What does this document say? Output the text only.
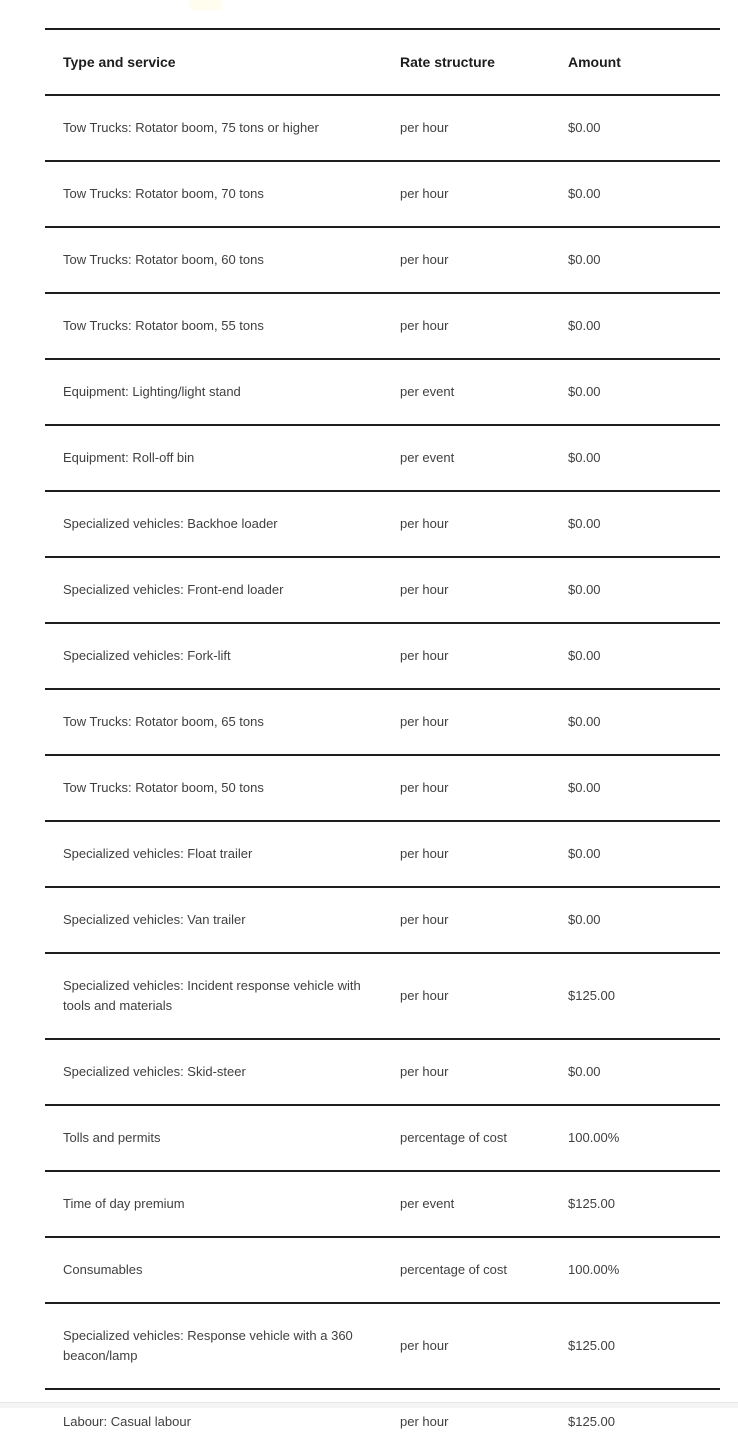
Type and service	Rate structure	Amount
Tow Trucks: Rotator boom, 75 tons or higher	per hour	$0.00
Tow Trucks: Rotator boom, 70 tons	per hour	$0.00
Tow Trucks: Rotator boom, 60 tons	per hour	$0.00
Tow Trucks: Rotator boom, 55 tons	per hour	$0.00
Equipment: Lighting/light stand	per event	$0.00
Equipment: Roll-off bin	per event	$0.00
Specialized vehicles: Backhoe loader	per hour	$0.00
Specialized vehicles: Front-end loader	per hour	$0.00
Specialized vehicles: Fork-lift	per hour	$0.00
Tow Trucks: Rotator boom, 65 tons	per hour	$0.00
Tow Trucks: Rotator boom, 50 tons	per hour	$0.00
Specialized vehicles: Float trailer	per hour	$0.00
Specialized vehicles: Van trailer	per hour	$0.00
Specialized vehicles: Incident response vehicle with tools and materials	per hour	$125.00
Specialized vehicles: Skid-steer	per hour	$0.00
Tolls and permits	percentage of cost	100.00%
Time of day premium	per event	$125.00
Consumables	percentage of cost	100.00%
Specialized vehicles: Response vehicle with a 360 beacon/lamp	per hour	$125.00
Labour: Casual labour	per hour	$125.00
